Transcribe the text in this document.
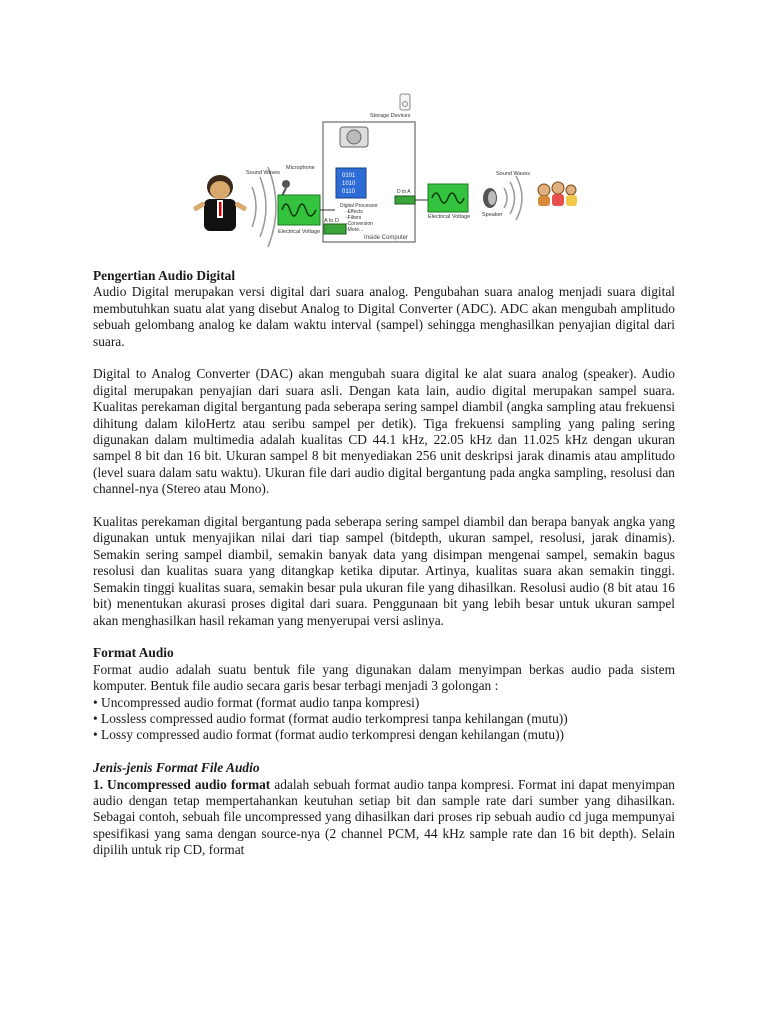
Inside Computer
Sound Waves
Microphone
Electrical Voltage
A to D
Storage Devices
0101
1010
0110
Digital Processor
-Effects
-Filters
-Conversion
-More...
D to A
Electrical Voltage Speaker
Sound Waves
Pengertian Audio Digital

Audio Digital merupakan versi digital dari suara analog. Pengubahan suara analog menjadi suara digital membutuhkan suatu alat yang disebut Analog to Digital Converter (ADC). ADC akan mengubah amplitudo sebuah gelombang analog ke dalam waktu interval (sampel) sehingga menghasilkan penyajian digital dari suara.

Digital to Analog Converter (DAC) akan mengubah suara digital ke alat suara analog (speaker). Audio digital merupakan penyajian dari suara asli. Dengan kata lain, audio digital merupakan sampel suara. Kualitas perekaman digital bergantung pada seberapa sering sampel diambil (angka sampling atau frekuensi dihitung dalam kiloHertz atau seribu sampel per detik). Tiga frekuensi sampling yang paling sering digunakan dalam multimedia adalah kualitas CD 44.1 kHz, 22.05 kHz dan 11.025 kHz dengan ukuran sampel 8 bit dan 16 bit. Ukuran sampel 8 bit menyediakan 256 unit deskripsi jarak dinamis atau amplitudo (level suara dalam satu waktu). Ukuran file dari audio digital bergantung pada angka sampling, resolusi dan channel-nya (Stereo atau Mono).

Kualitas perekaman digital bergantung pada seberapa sering sampel diambil dan berapa banyak angka yang digunakan untuk menyajikan nilai dari tiap sampel (bitdepth, ukuran sampel, resolusi, jarak dinamis). Semakin sering sampel diambil, semakin banyak data yang disimpan mengenai sampel, semakin bagus resolusi dan kualitas suara yang ditangkap ketika diputar. Artinya, kualitas suara akan semakin tinggi. Semakin tinggi kualitas suara, semakin besar pula ukuran file yang dihasilkan. Resolusi audio (8 bit atau 16 bit) menentukan akurasi proses digital dari suara. Penggunaan bit yang lebih besar untuk ukuran sampel akan menghasilkan hasil rekaman yang menyerupai versi aslinya.

Format Audio

Format audio adalah suatu bentuk file yang digunakan dalam menyimpan berkas audio pada sistem komputer. Bentuk file audio secara garis besar terbagi menjadi 3 golongan :

• Uncompressed audio format (format audio tanpa kompresi)

• Lossless compressed audio format (format audio terkompresi tanpa kehilangan (mutu))

• Lossy compressed audio format (format audio terkompresi dengan kehilangan (mutu))

Jenis-jenis Format File Audio

1. Uncompressed audio format adalah sebuah format audio tanpa kompresi. Format ini dapat menyimpan audio dengan tetap mempertahankan keutuhan setiap bit dan sample rate dari sumber yang dihasilkan. Sebagai contoh, sebuah file uncompressed yang dihasilkan dari proses rip sebuah audio cd juga mempunyai spesifikasi yang sama dengan source-nya (2 channel PCM, 44 kHz sample rate dan 16 bit depth). Selain dipilih untuk rip CD, format
